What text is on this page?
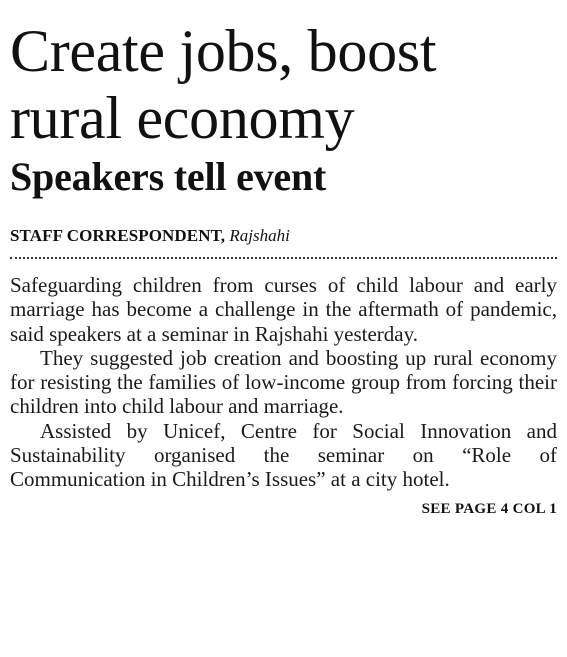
Create jobs, boost rural economy
Speakers tell event
STAFF CORRESPONDENT, Rajshahi

Safeguarding children from curses of child labour and early marriage has become a challenge in the aftermath of pandemic, said speakers at a seminar in Rajshahi yesterday.

They suggested job creation and boosting up rural economy for resisting the families of low-income group from forcing their children into child labour and marriage.

Assisted by Unicef, Centre for Social Innovation and Sustainability organised the seminar on “Role of Communication in Children’s Issues” at a city hotel.

SEE PAGE 4 COL 1
